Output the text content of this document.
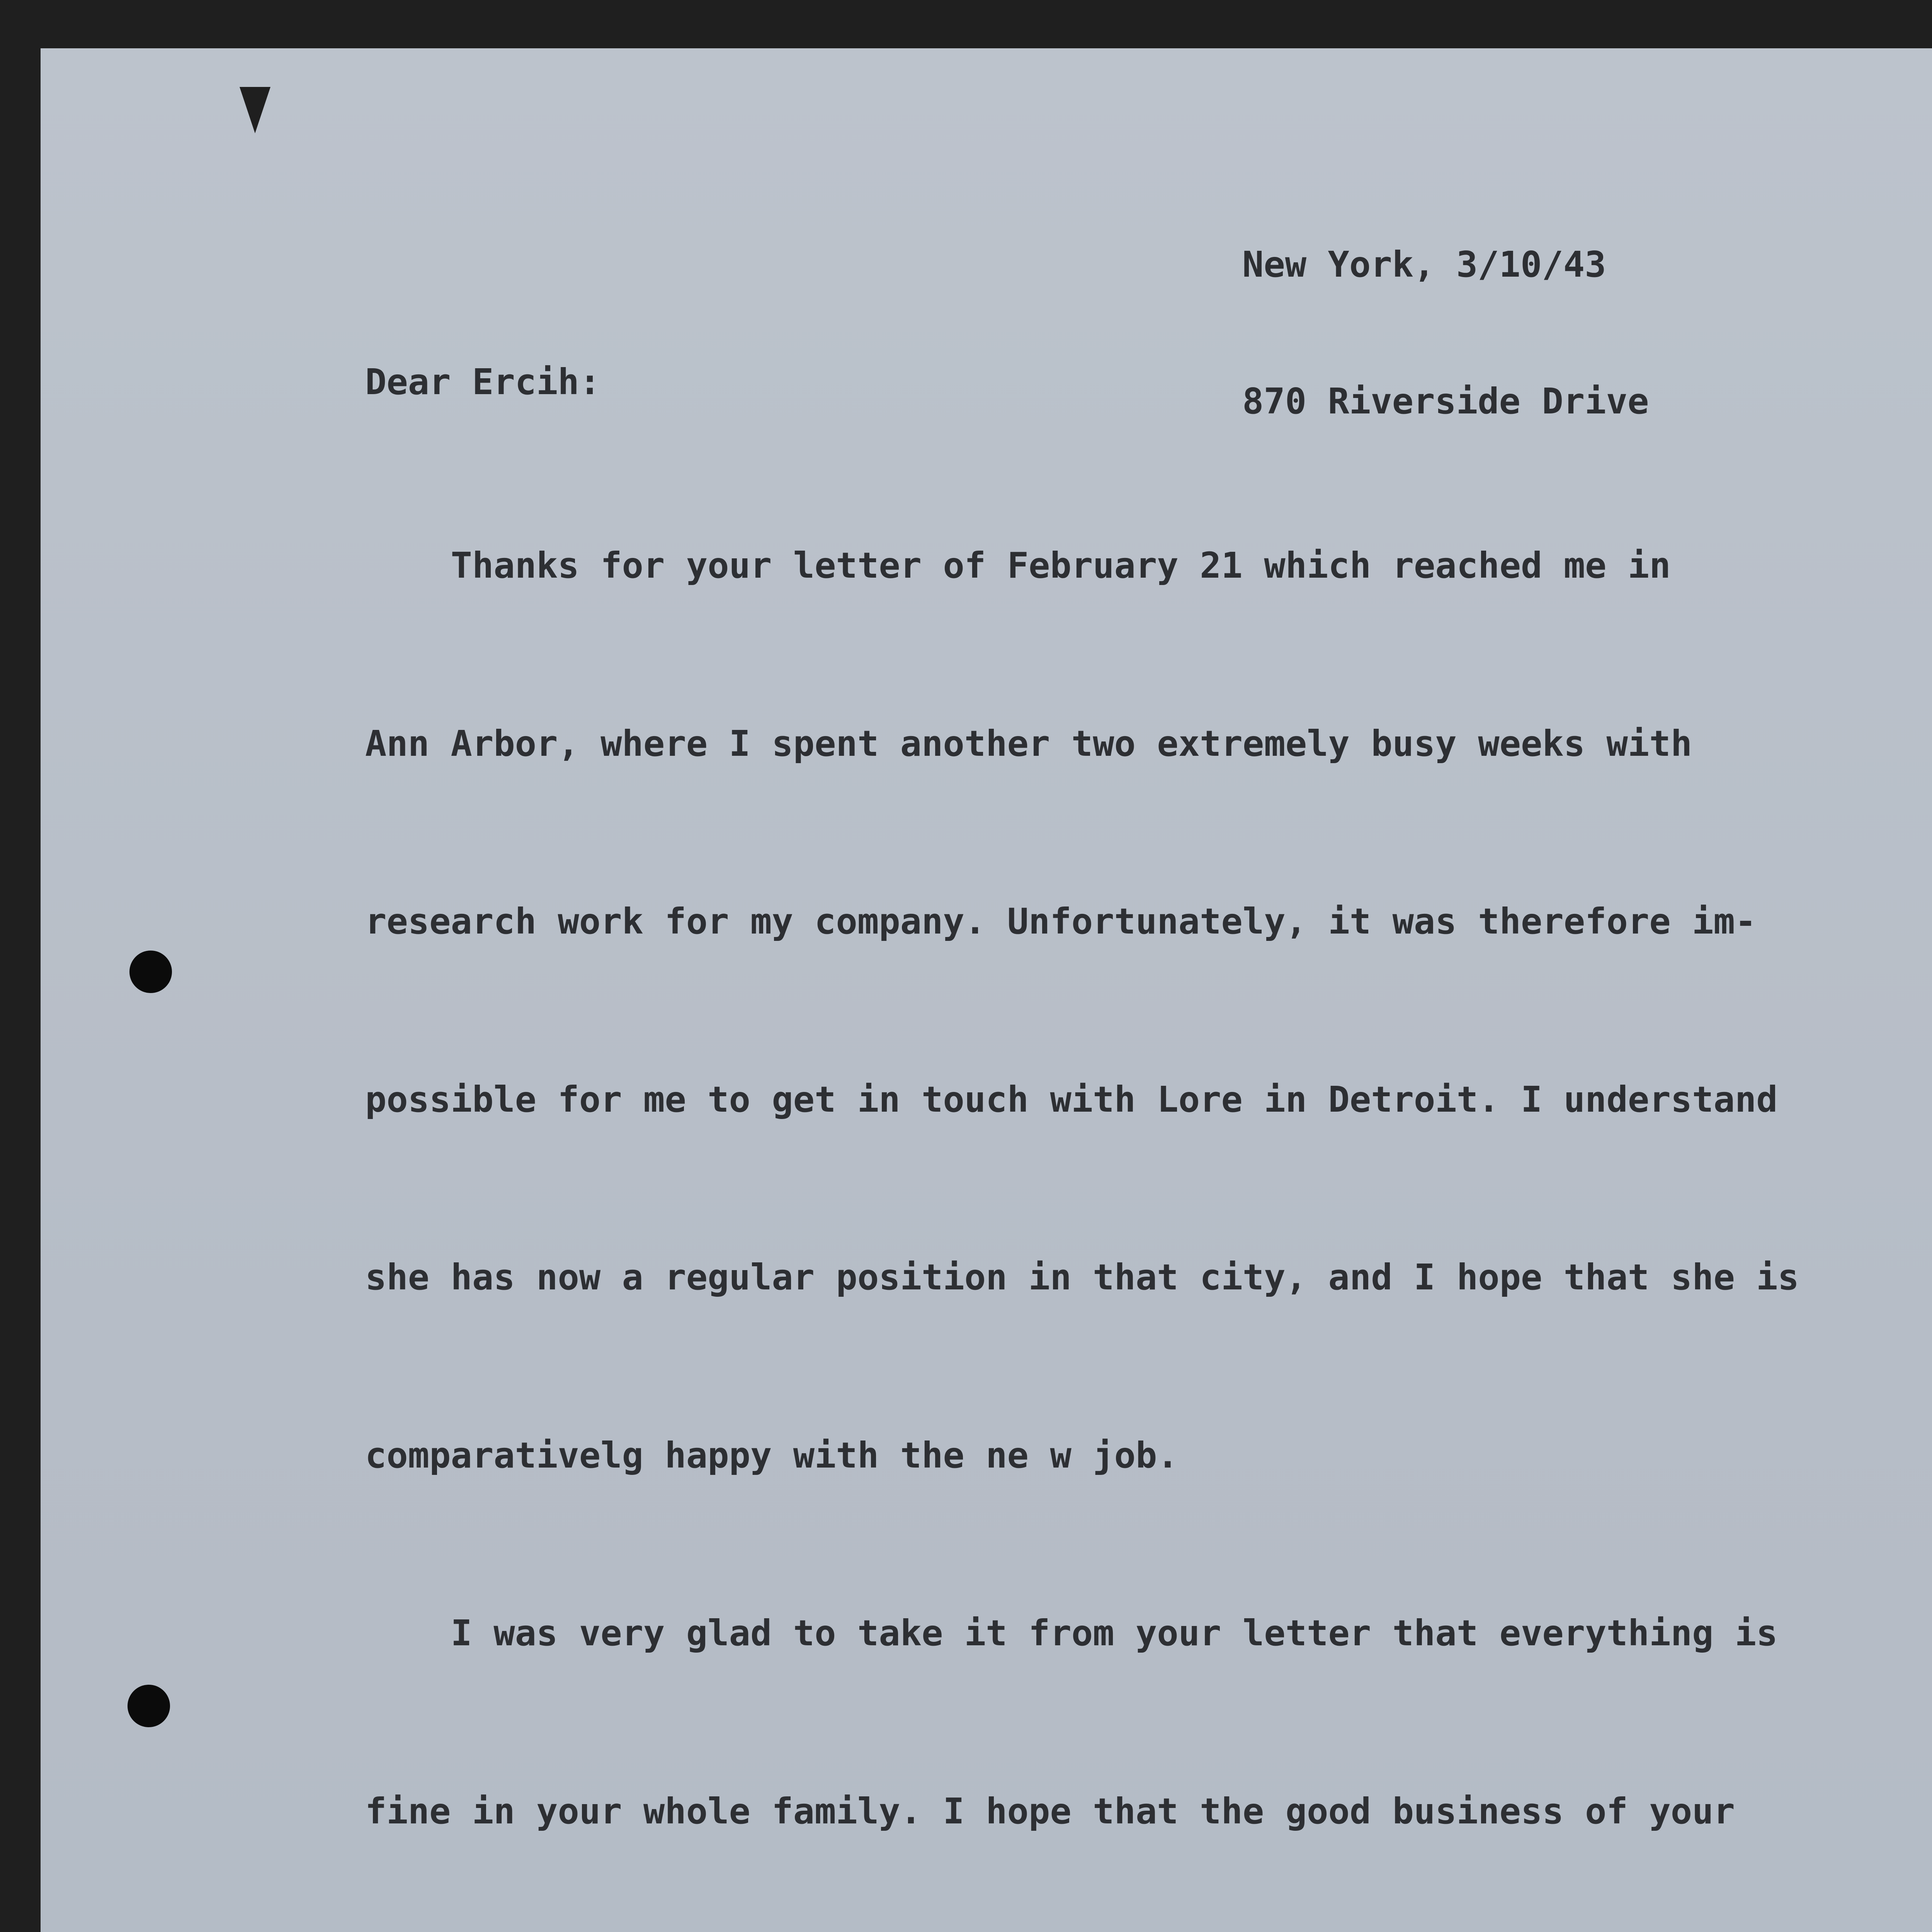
New York, 3/10/43

870 Riverside Drive

Dear Ercih:

Thanks for your letter of February 21 which reached me in

Ann Arbor, where I spent another two extremely busy weeks with

research work for my company. Unfortunately, it was therefore im-

possible for me to get in touch with Lore in Detroit. I understand

she has now a regular position in that city, and I hope that she is

comparativelg happy with the ne w job.

I was very glad to take it from your letter that everything is

fine in your whole family. I hope that the good business of your
